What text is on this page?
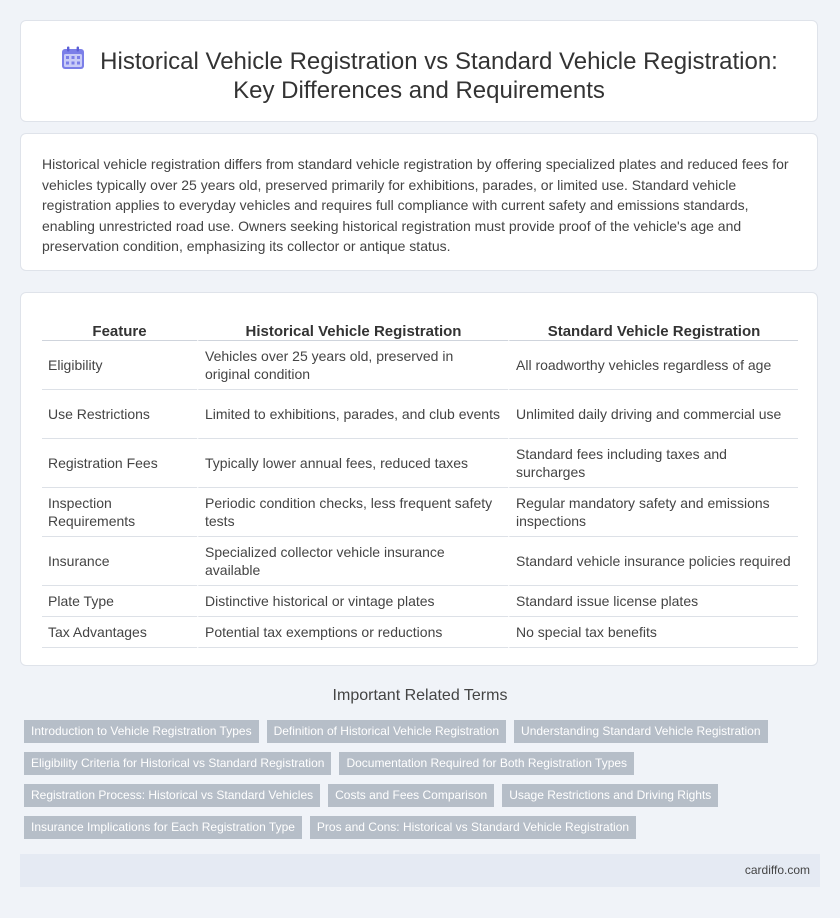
Historical Vehicle Registration vs Standard Vehicle Registration:
Key Differences and Requirements
Historical vehicle registration differs from standard vehicle registration by offering specialized plates and reduced fees for vehicles typically over 25 years old, preserved primarily for exhibitions, parades, or limited use. Standard vehicle registration applies to everyday vehicles and requires full compliance with current safety and emissions standards, enabling unrestricted road use. Owners seeking historical registration must provide proof of the vehicle's age and preservation condition, emphasizing its collector or antique status.
Feature	Historical Vehicle Registration	Standard Vehicle Registration
Eligibility	Vehicles over 25 years old, preserved in original condition	All roadworthy vehicles regardless of age
Use Restrictions	Limited to exhibitions, parades, and club events	Unlimited daily driving and commercial use
Registration Fees	Typically lower annual fees, reduced taxes	Standard fees including taxes and surcharges
Inspection Requirements	Periodic condition checks, less frequent safety tests	Regular mandatory safety and emissions inspections
Insurance	Specialized collector vehicle insurance available	Standard vehicle insurance policies required
Plate Type	Distinctive historical or vintage plates	Standard issue license plates
Tax Advantages	Potential tax exemptions or reductions	No special tax benefits
Important Related Terms
Introduction to Vehicle Registration Types	Definition of Historical Vehicle Registration	Understanding Standard Vehicle Registration
Eligibility Criteria for Historical vs Standard Registration	Documentation Required for Both Registration Types
Registration Process: Historical vs Standard Vehicles	Costs and Fees Comparison	Usage Restrictions and Driving Rights
Insurance Implications for Each Registration Type	Pros and Cons: Historical vs Standard Vehicle Registration
cardiffo.com
